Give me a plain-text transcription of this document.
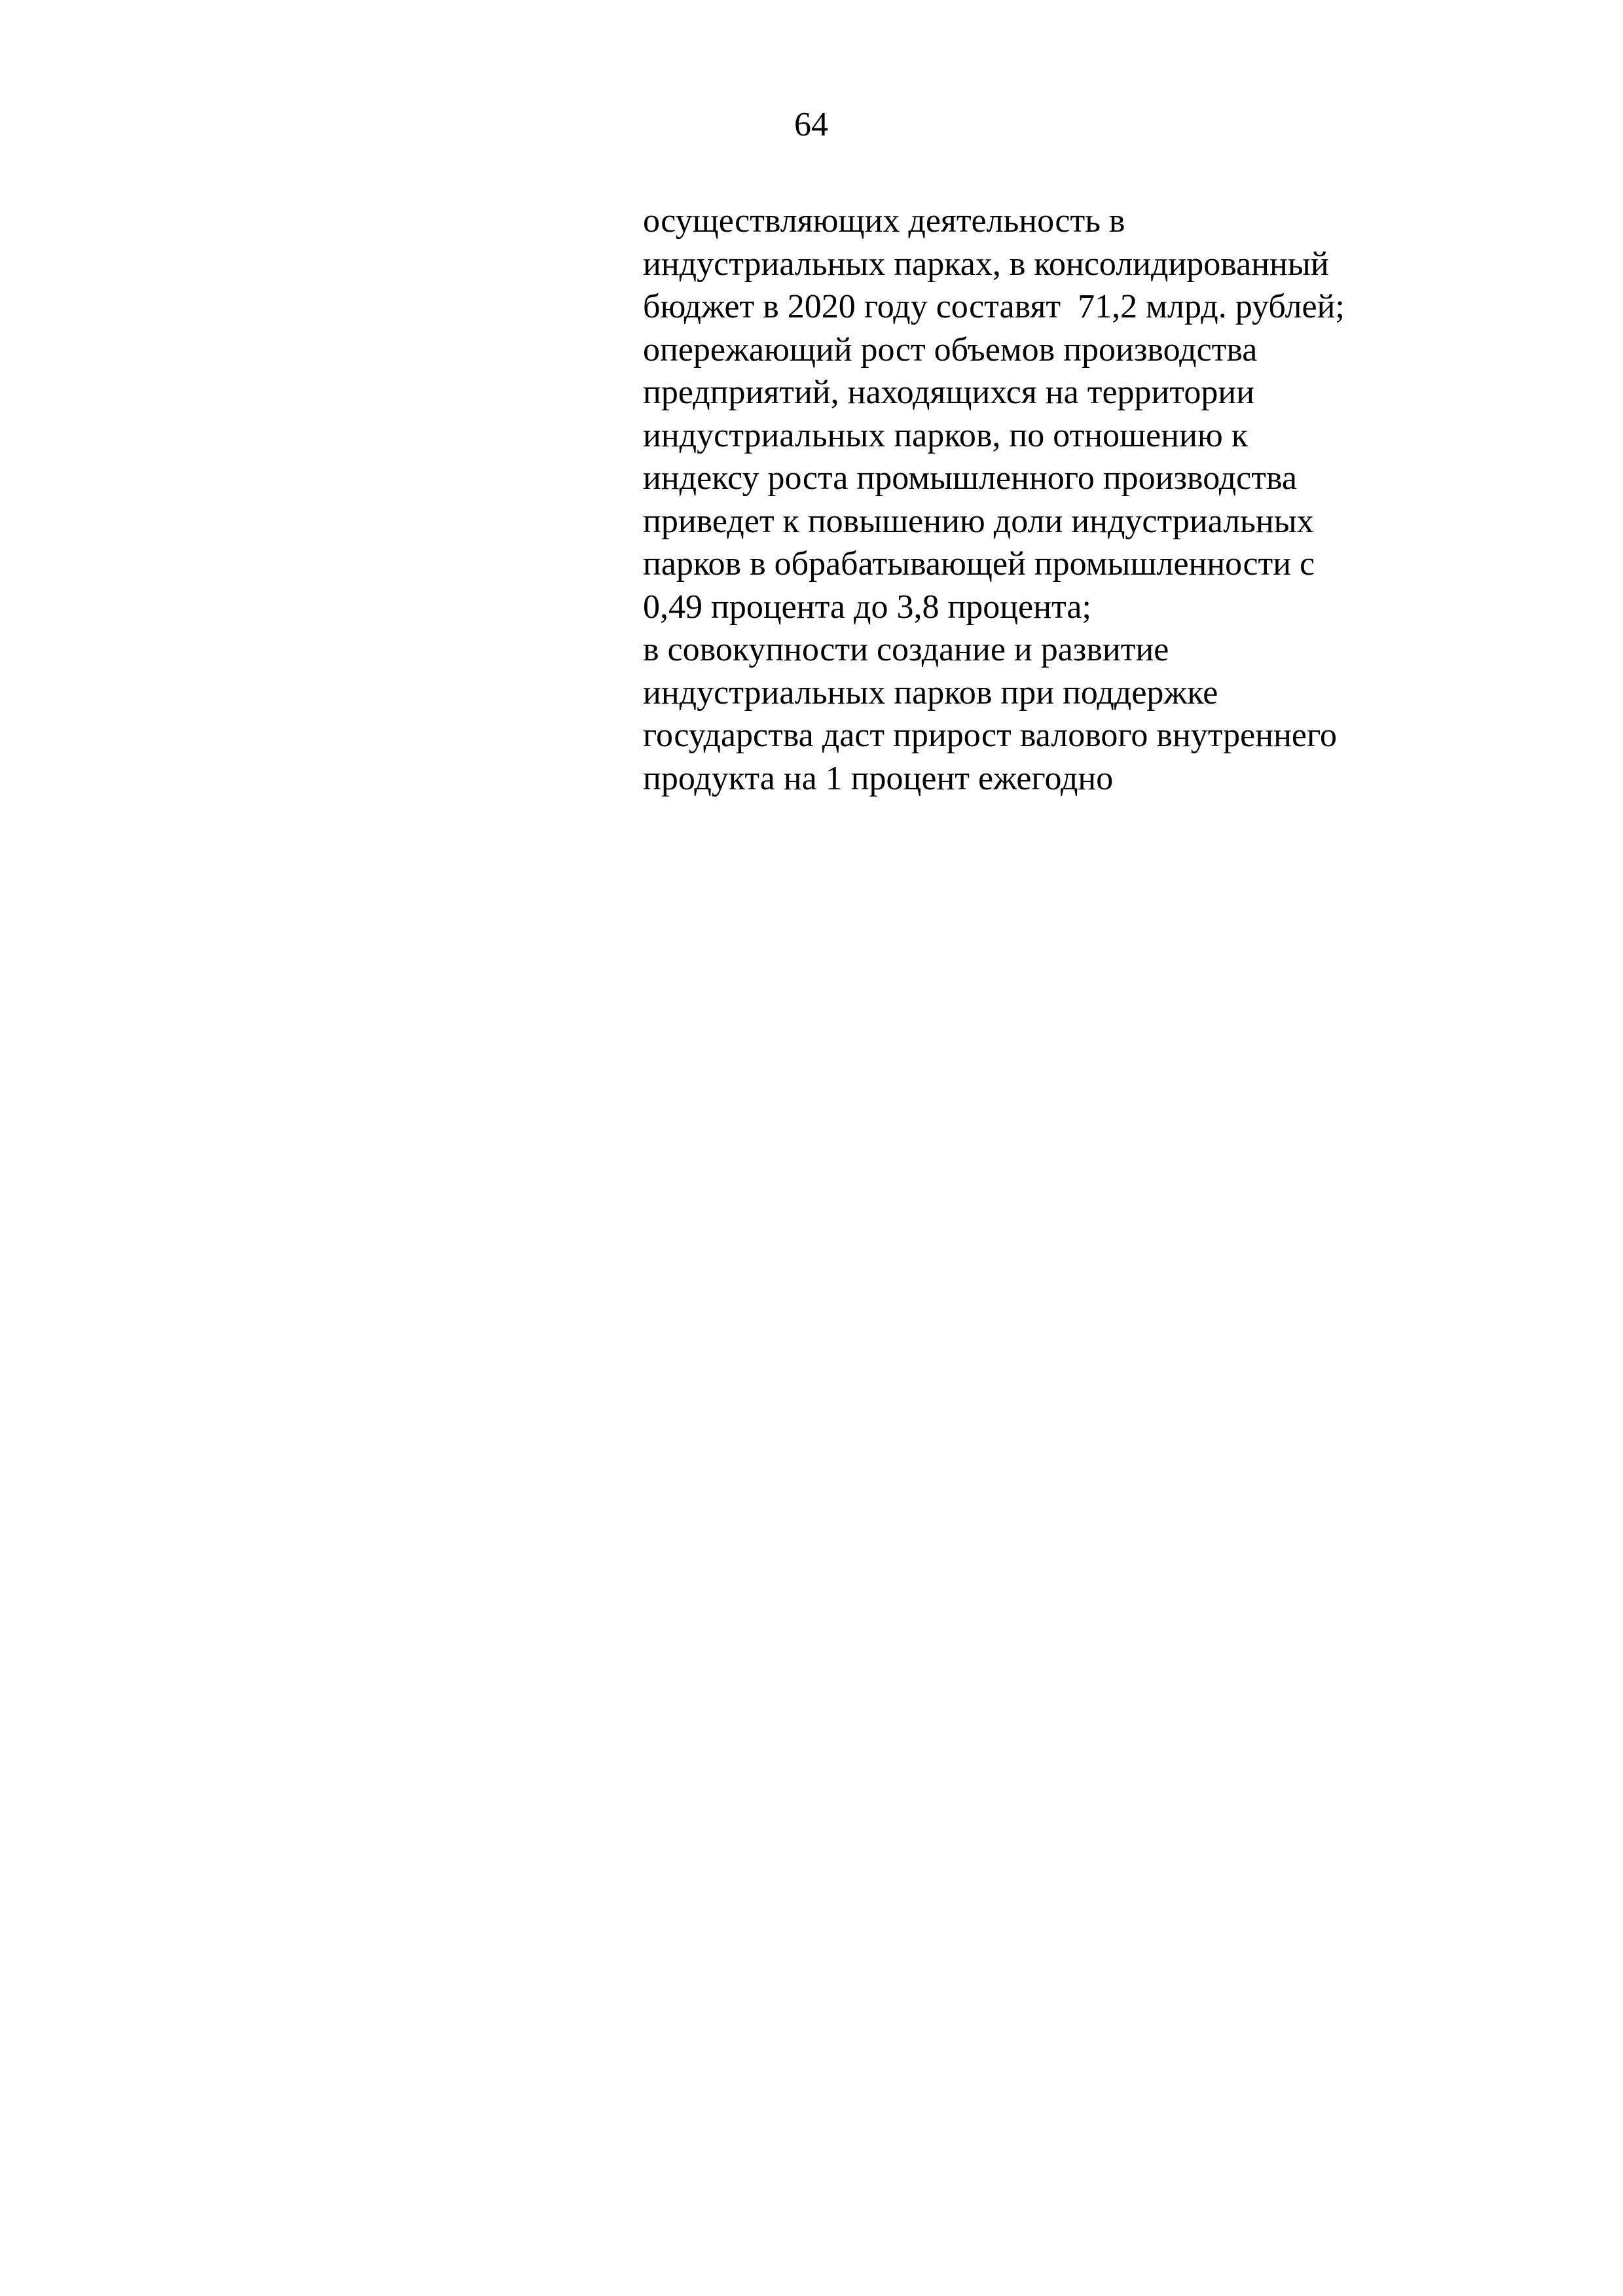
64
осуществляющих деятельность в
индустриальных парках, в консолидированный
бюджет в 2020 году составят  71,2 млрд. рублей;
опережающий рост объемов производства
предприятий, находящихся на территории
индустриальных парков, по отношению к
индексу роста промышленного производства
приведет к повышению доли индустриальных
парков в обрабатывающей промышленности с
0,49 процента до 3,8 процента;
в совокупности создание и развитие
индустриальных парков при поддержке
государства даст прирост валового внутреннего
продукта на 1 процент ежегодно
